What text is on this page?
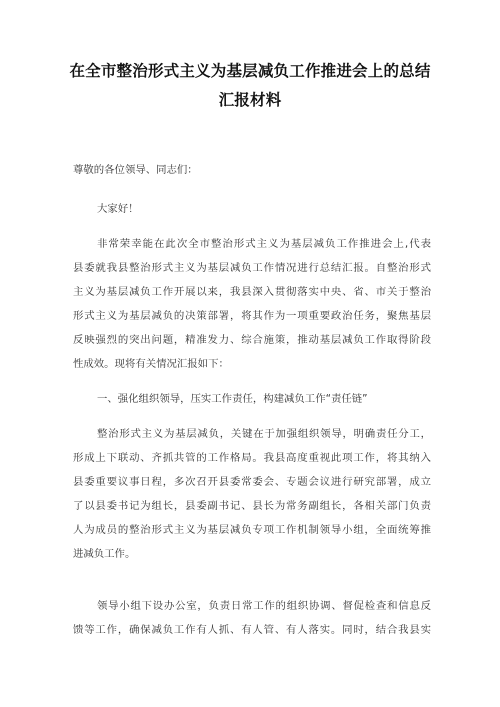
在全市整治形式主义为基层减负工作推进会上的总结
汇报材料
尊敬的各位领导、同志们：
大家好！
非常荣幸能在此次全市整治形式主义为基层减负工作推进会上,代表
县委就我县整治形式主义为基层减负工作情况进行总结汇报。自整治形式
主义为基层减负工作开展以来，我县深入贯彻落实中央、省、市关于整治
形式主义为基层减负的决策部署，将其作为一项重要政治任务，聚焦基层
反映强烈的突出问题，精准发力、综合施策，推动基层减负工作取得阶段
性成效。现将有关情况汇报如下：
一、强化组织领导，压实工作责任，构建减负工作“责任链”
整治形式主义为基层减负，关键在于加强组织领导，明确责任分工，
形成上下联动、齐抓共管的工作格局。我县高度重视此项工作，将其纳入
县委重要议事日程，多次召开县委常委会、专题会议进行研究部署，成立
了以县委书记为组长，县委副书记、县长为常务副组长，各相关部门负责
人为成员的整治形式主义为基层减负专项工作机制领导小组，全面统筹推
进减负工作。
领导小组下设办公室，负责日常工作的组织协调、督促检查和信息反
馈等工作，确保减负工作有人抓、有人管、有人落实。同时，结合我县实
